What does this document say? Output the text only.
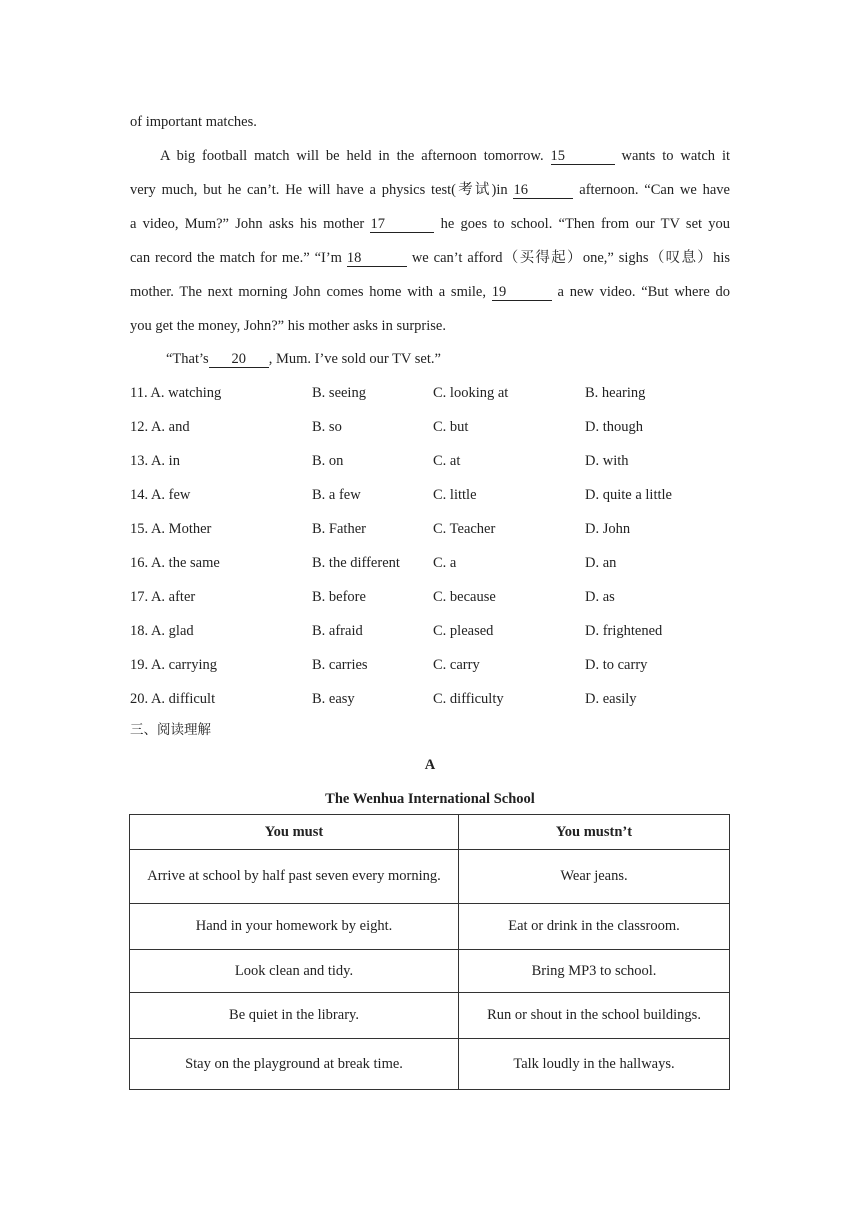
of important matches.
A big football match will be held in the afternoon tomorrow. 15	wants to watch it
very much, but he can’t. He will have a physics test(考试)in 16	afternoon. “Can we have
a video, Mum?” John asks his mother 17	he goes to school. “Then from our TV set you
can record the match for me.” “I’m 18	we can’t afford（买得起）one,” sighs（叹息）his
mother. The next morning John comes home with a smile, 19	a new video. “But where do
you get the money, John?” his mother asks in surprise.
“That’s 20 , Mum. I’ve sold our TV set.”
11. A. watching	B. seeing	C. looking at	B. hearing
12. A. and	B. so	C. but	D. though
13. A. in	B. on	C. at	D. with
14. A. few	B. a few	C. little	D. quite a little
15. A. Mother	B. Father	C. Teacher	D. John
16. A. the same	B. the different C. a	D. an
17. A. after	B. before	C. because	D. as
18. A. glad	B. afraid	C. pleased	D. frightened
19. A. carrying	B. carries	C. carry	D. to carry
20. A. difficult	B. easy	C. difficulty	D. easily
三、阅读理解
A
The Wenhua International School
You must	You mustn’t
Arrive at school by half past seven every morning.	Wear jeans.
Hand in your homework by eight.	Eat or drink in the classroom.
Look clean and tidy.	Bring MP3 to school.
Be quiet in the library.	Run or shout in the school buildings.
Stay on the playground at break time.	Talk loudly in the hallways.
